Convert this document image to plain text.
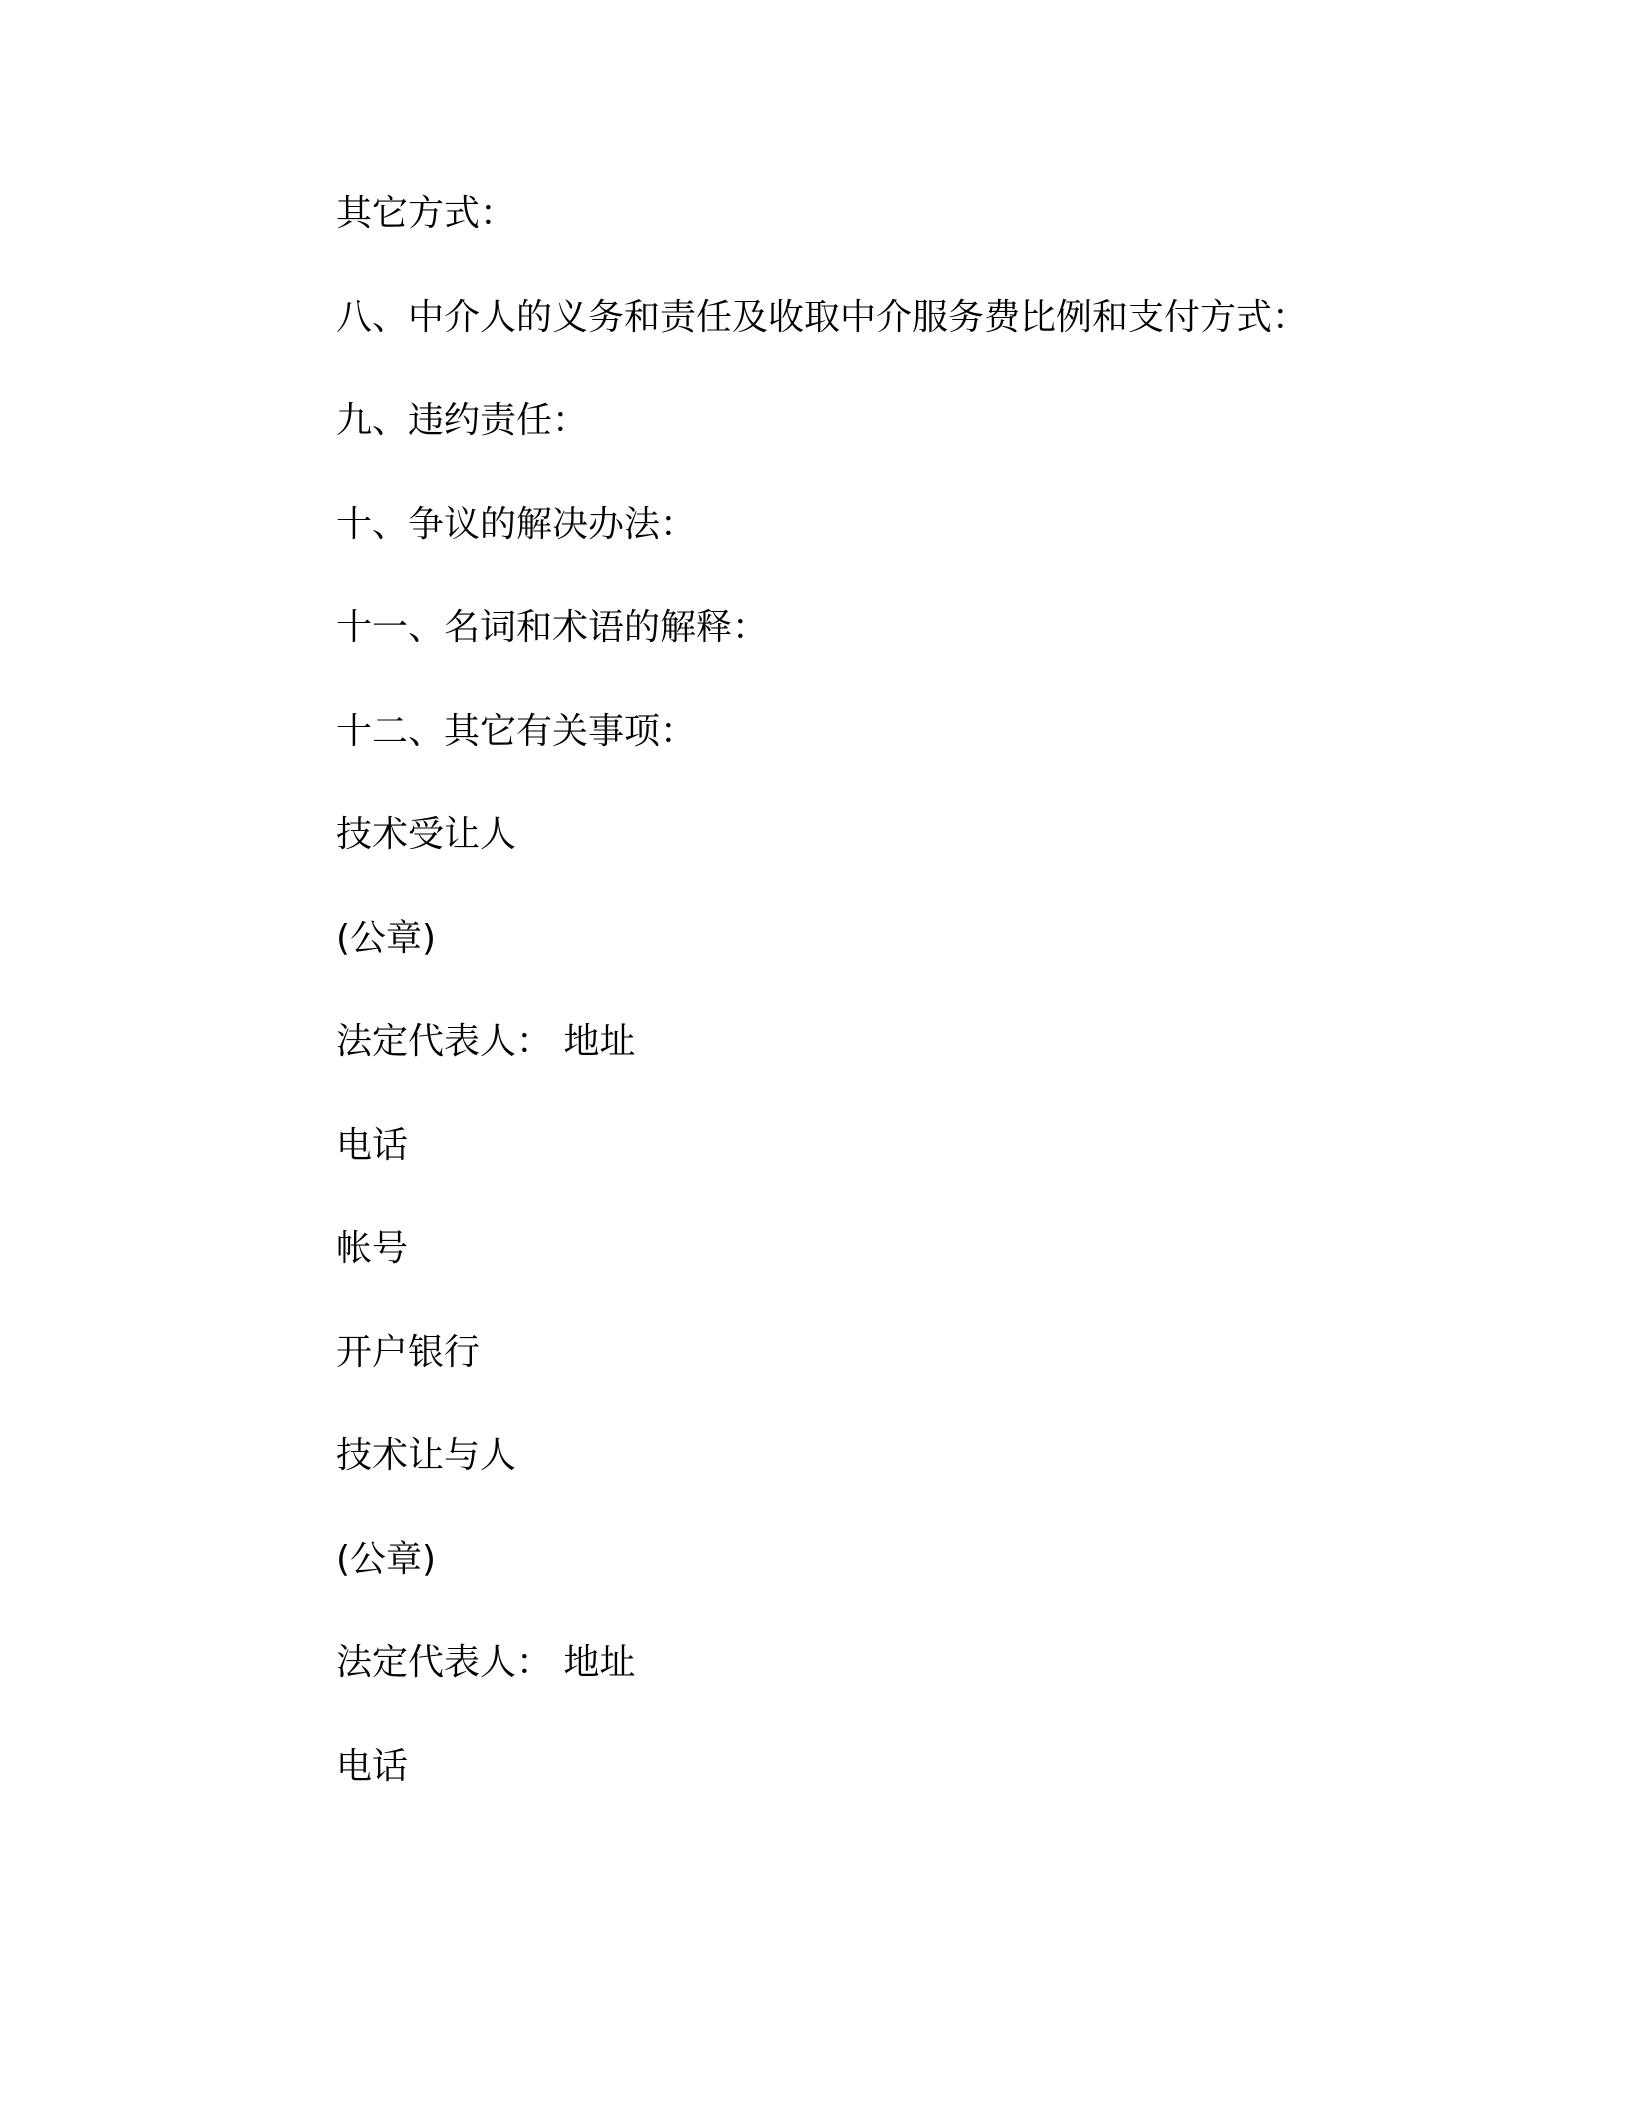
其它方式：

八、中介人的义务和责任及收取中介服务费比例和支付方式：

九、违约责任：

十、争议的解决办法：

十一、名词和术语的解释：

十二、其它有关事项：

技术受让人

(公章)

法定代表人： 地址

电话

帐号

开户银行

技术让与人

(公章)

法定代表人： 地址

电话
